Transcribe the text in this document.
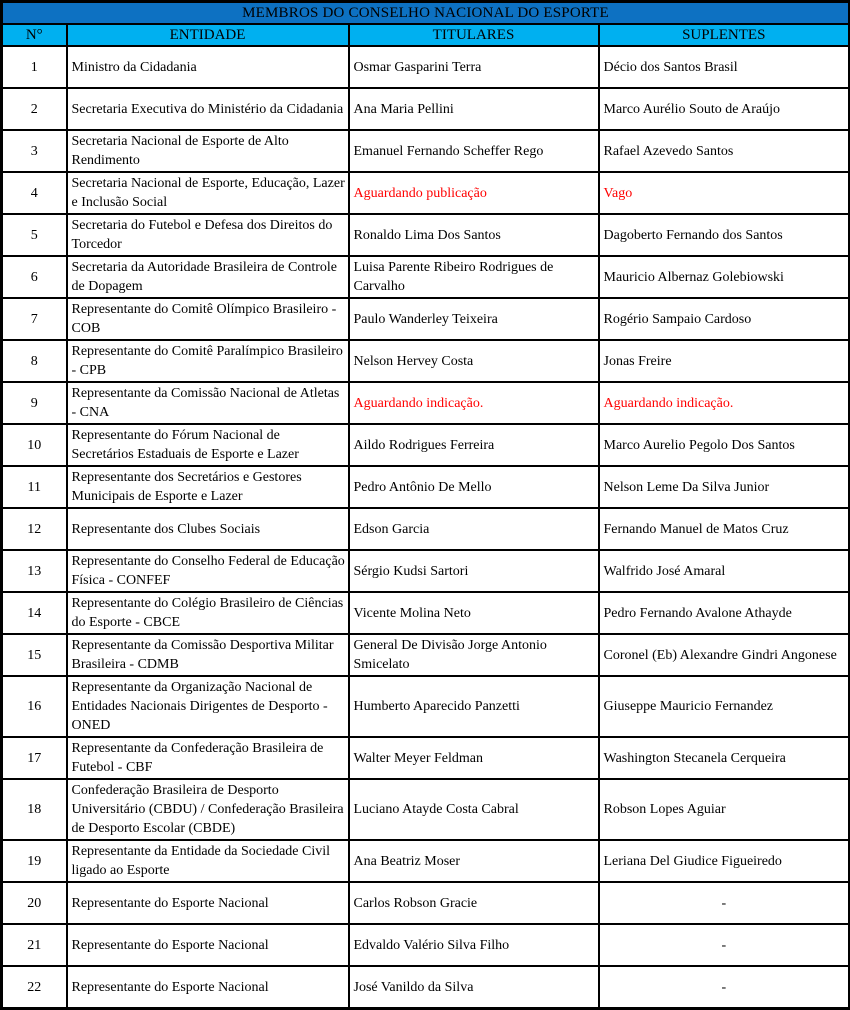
MEMBROS DO CONSELHO NACIONAL DO ESPORTE			
N°	ENTIDADE	TITULARES	SUPLENTES
1	Ministro da Cidadania	Osmar Gasparini Terra	Décio dos Santos Brasil
2	Secretaria Executiva do Ministério da Cidadania	Ana Maria Pellini	Marco Aurélio Souto de Araújo
3	Secretaria Nacional de Esporte de Alto Rendimento	Emanuel Fernando Scheffer Rego	Rafael Azevedo Santos
4	Secretaria Nacional de Esporte, Educação, Lazer e Inclusão Social	Aguardando publicação	Vago
5	Secretaria do Futebol e Defesa dos Direitos do Torcedor	Ronaldo Lima Dos Santos	Dagoberto Fernando dos Santos
6	Secretaria da Autoridade Brasileira de Controle de Dopagem	Luisa Parente Ribeiro Rodrigues de Carvalho	Mauricio Albernaz Golebiowski
7	Representante do Comitê Olímpico Brasileiro - COB	Paulo Wanderley Teixeira	Rogério Sampaio Cardoso
8	Representante do Comitê Paralímpico Brasileiro - CPB	Nelson Hervey Costa	Jonas Freire
9	Representante da Comissão Nacional de Atletas - CNA	Aguardando indicação.	Aguardando indicação.
10	Representante do Fórum Nacional de Secretários Estaduais de Esporte e Lazer	Aildo Rodrigues Ferreira	Marco Aurelio Pegolo Dos Santos
11	Representante dos Secretários e Gestores Municipais de Esporte e Lazer	Pedro Antônio De Mello	Nelson Leme Da Silva Junior
12	Representante dos Clubes Sociais	Edson Garcia	Fernando Manuel de Matos Cruz
13	Representante do Conselho Federal de Educação Física - CONFEF	Sérgio Kudsi Sartori	Walfrido José Amaral
14	Representante do Colégio Brasileiro de Ciências do Esporte - CBCE	Vicente Molina Neto	Pedro Fernando Avalone Athayde
15	Representante da Comissão Desportiva Militar Brasileira - CDMB	General De Divisão Jorge Antonio Smicelato	Coronel (Eb) Alexandre Gindri Angonese
16	Representante da Organização Nacional de Entidades Nacionais Dirigentes de Desporto - ONED	Humberto Aparecido Panzetti	Giuseppe Mauricio Fernandez
17	Representante da Confederação Brasileira de Futebol - CBF	Walter Meyer Feldman	Washington Stecanela Cerqueira
18	Confederação Brasileira de Desporto Universitário (CBDU) / Confederação Brasileira de Desporto Escolar (CBDE)	Luciano Atayde Costa Cabral	Robson Lopes Aguiar
19	Representante da Entidade da Sociedade Civil ligado ao Esporte	Ana Beatriz Moser	Leriana Del Giudice Figueiredo
20	Representante do Esporte Nacional	Carlos Robson Gracie	-
21	Representante do Esporte Nacional	Edvaldo Valério Silva Filho	-
22	Representante do Esporte Nacional	José Vanildo da Silva	-
